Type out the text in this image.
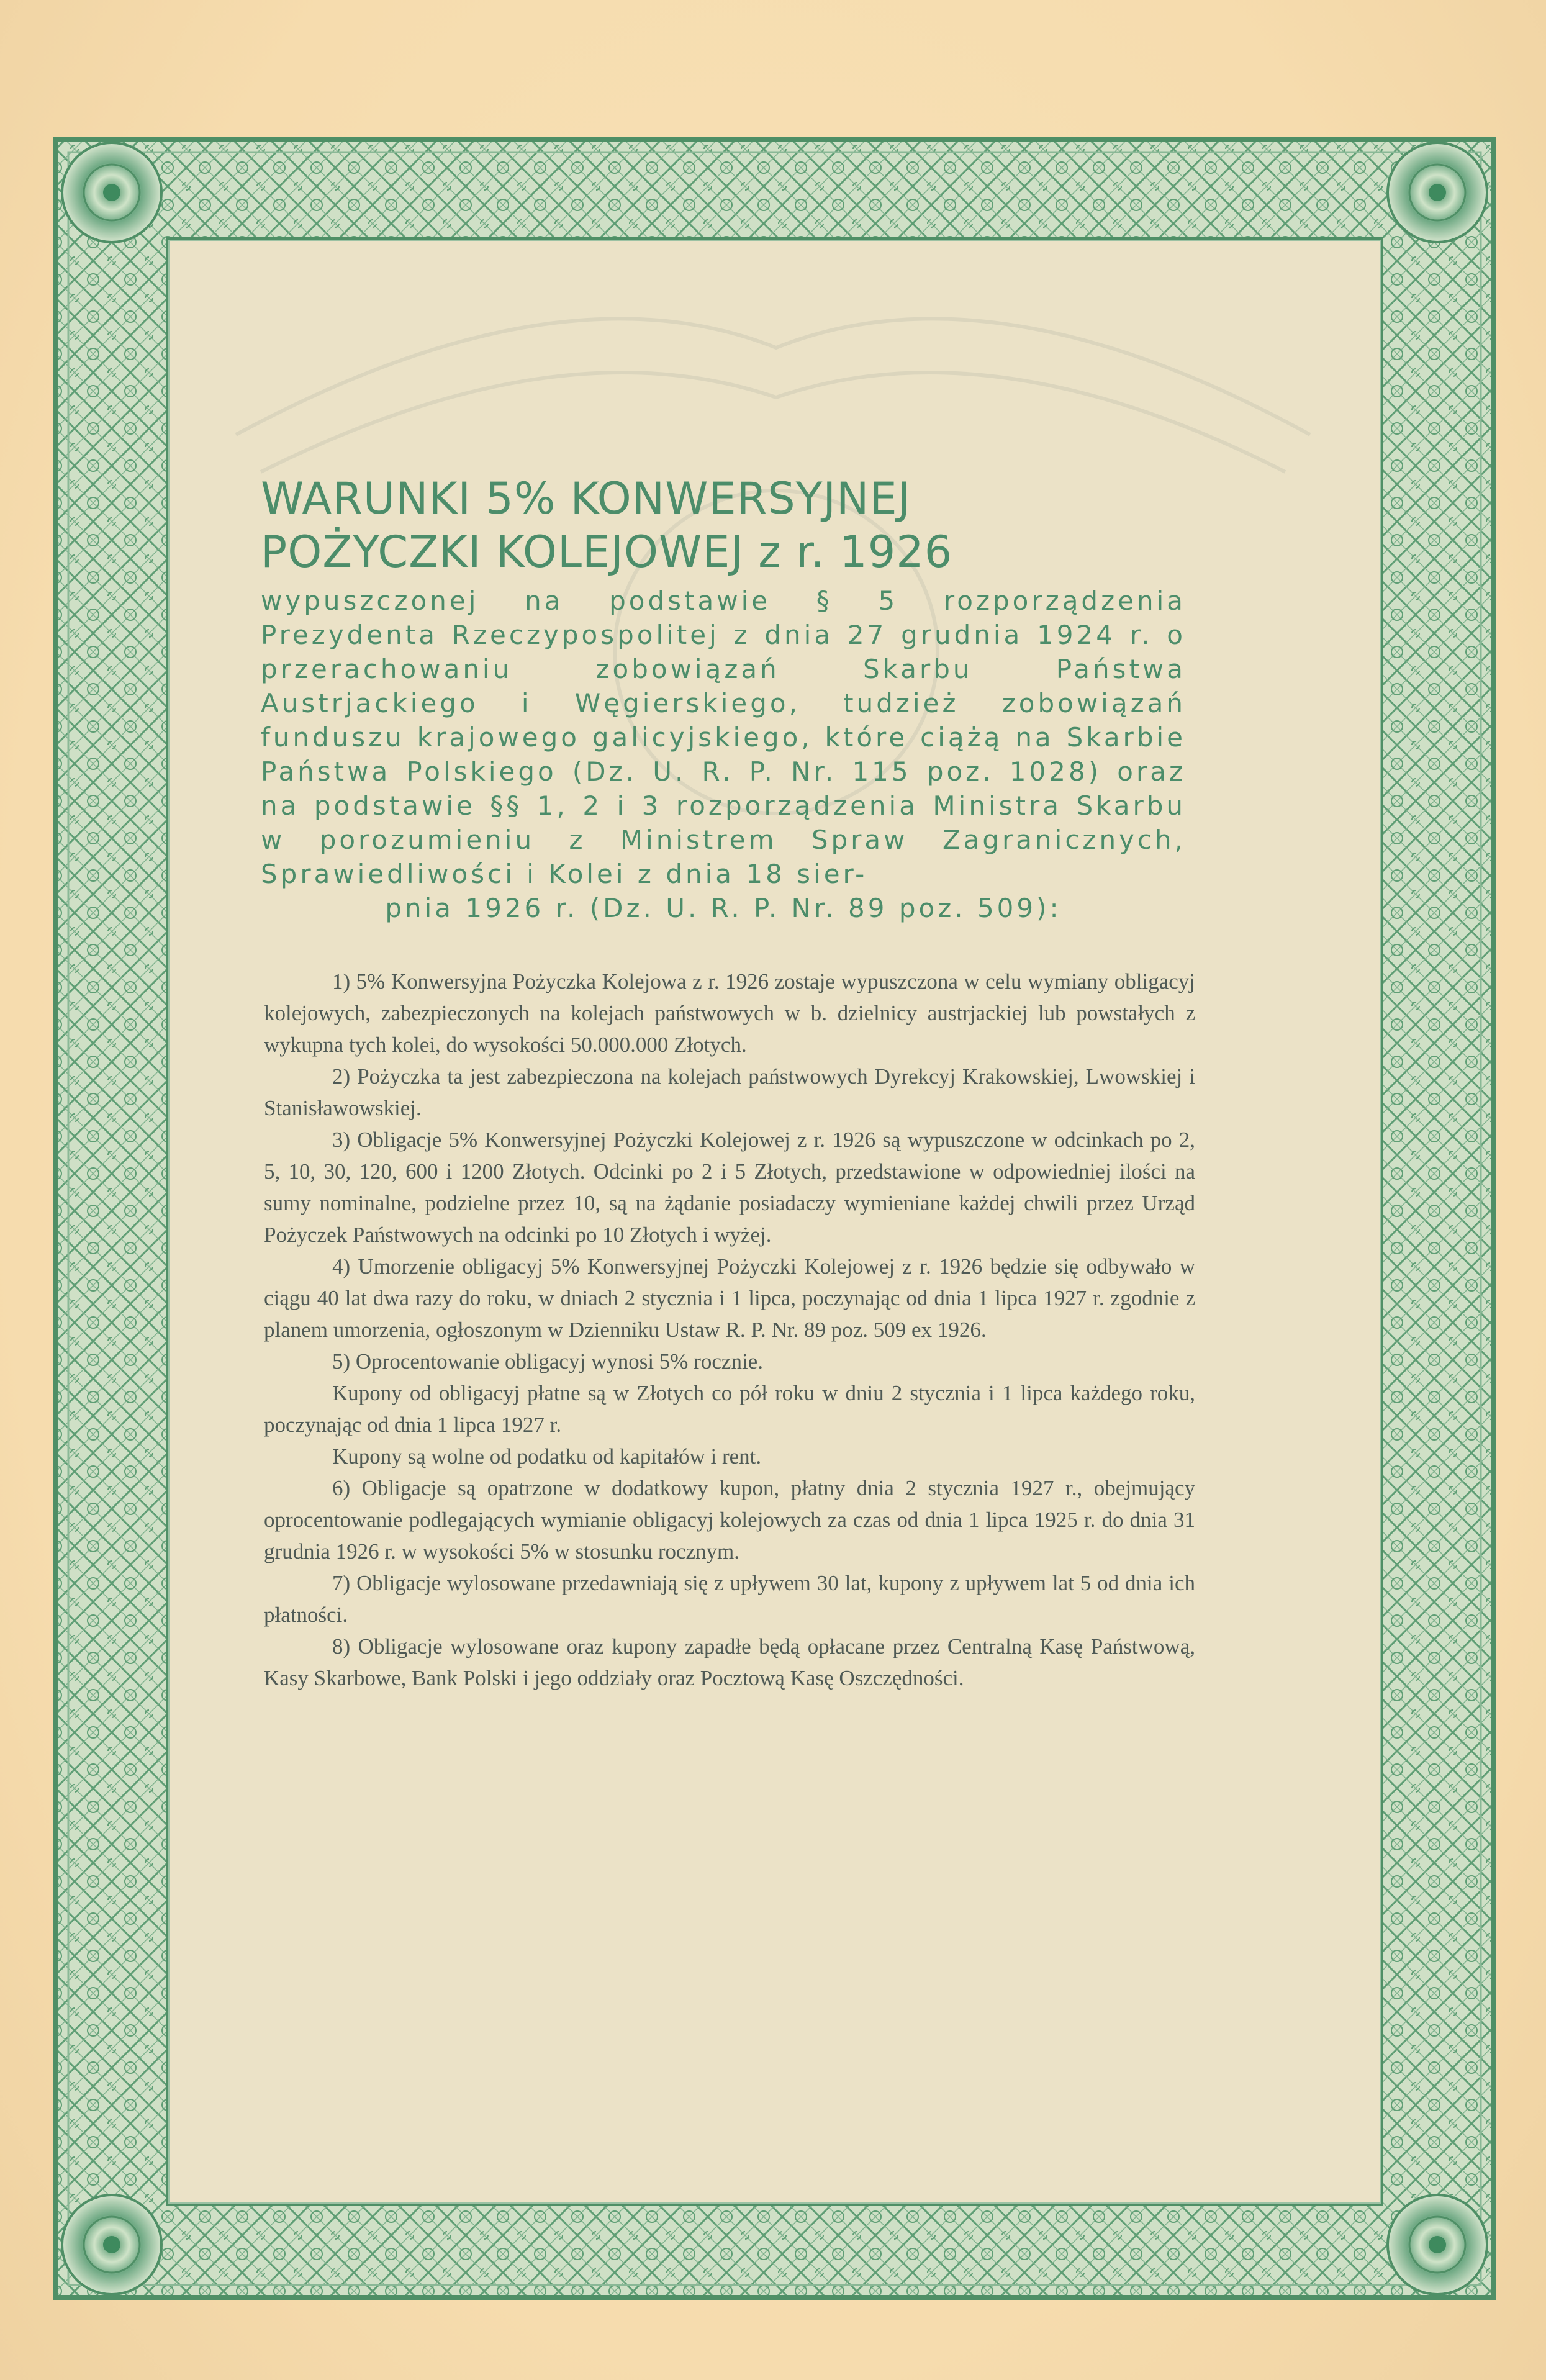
WARUNKI 5% KONWERSYJNEJ
POŻYCZKI KOLEJOWEJ z r. 1926

wypuszczonej na podstawie § 5 rozporządzenia Prezydenta Rzeczypospolitej z dnia 27 grudnia 1924 r. o przerachowaniu zobowiązań Skarbu Państwa Austrjackiego i Węgierskiego, tudzież zobowiązań funduszu krajowego galicyjskiego, które ciążą na Skarbie Państwa Polskiego (Dz. U. R. P. Nr. 115 poz. 1028) oraz na podstawie §§ 1, 2 i 3 rozporządzenia Ministra Skarbu w porozumieniu z Ministrem Spraw Zagranicznych, Sprawiedliwości i Kolei z dnia 18 sier-
pnia 1926 r. (Dz. U. R. P. Nr. 89 poz. 509):

1) 5% Konwersyjna Pożyczka Kolejowa z r. 1926 zostaje wypuszczona w celu wymiany obligacyj kolejowych, zabezpieczonych na kolejach państwowych w b. dzielnicy austrjackiej lub powstałych z wykupna tych kolei, do wysokości 50.000.000 Złotych.

2) Pożyczka ta jest zabezpieczona na kolejach państwowych Dyrekcyj Krakowskiej, Lwowskiej i Stanisławowskiej.

3) Obligacje 5% Konwersyjnej Pożyczki Kolejowej z r. 1926 są wypuszczone w odcinkach po 2, 5, 10, 30, 120, 600 i 1200 Złotych. Odcinki po 2 i 5 Złotych, przedstawione w odpowiedniej ilości na sumy nominalne, podzielne przez 10, są na żądanie posiadaczy wymieniane każdej chwili przez Urząd Pożyczek Państwowych na odcinki po 10 Złotych i wyżej.

4) Umorzenie obligacyj 5% Konwersyjnej Pożyczki Kolejowej z r. 1926 będzie się odbywało w ciągu 40 lat dwa razy do roku, w dniach 2 stycznia i 1 lipca, poczynając od dnia 1 lipca 1927 r. zgodnie z planem umorzenia, ogłoszonym w Dzienniku Ustaw R. P. Nr. 89 poz. 509 ex 1926.

5) Oprocentowanie obligacyj wynosi 5% rocznie.

Kupony od obligacyj płatne są w Złotych co pół roku w dniu 2 stycznia i 1 lipca każdego roku, poczynając od dnia 1 lipca 1927 r.

Kupony są wolne od podatku od kapitałów i rent.

6) Obligacje są opatrzone w dodatkowy kupon, płatny dnia 2 stycznia 1927 r., obejmujący oprocentowanie podlegających wymianie obligacyj kolejowych za czas od dnia 1 lipca 1925 r. do dnia 31 grudnia 1926 r. w wysokości 5% w stosunku rocznym.

7) Obligacje wylosowane przedawniają się z upływem 30 lat, kupony z upływem lat 5 od dnia ich płatności.

8) Obligacje wylosowane oraz kupony zapadłe będą opłacane przez Centralną Kasę Państwową, Kasy Skarbowe, Bank Polski i jego oddziały oraz Pocztową Kasę Oszczędności.
